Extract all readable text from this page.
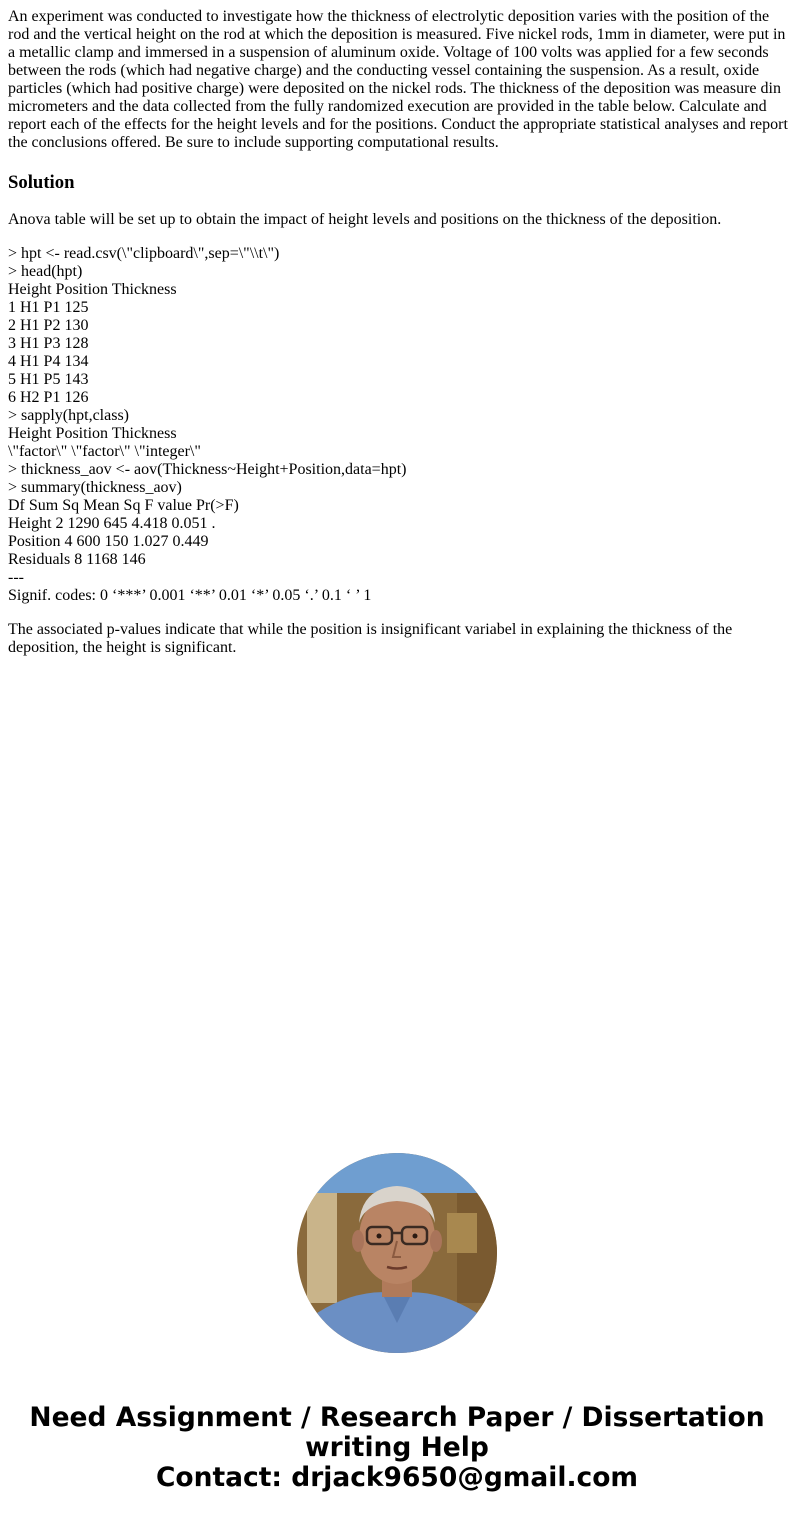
An experiment was conducted to investigate how the thickness of electrolytic deposition varies with the position of the rod and the vertical height on the rod at which the deposition is measured. Five nickel rods, 1mm in diameter, were put in a metallic clamp and immersed in a suspension of aluminum oxide. Voltage of 100 volts was applied for a few seconds between the rods (which had negative charge) and the conducting vessel containing the suspension. As a result, oxide particles (which had positive charge) were deposited on the nickel rods. The thickness of the deposition was measure din micrometers and the data collected from the fully randomized execution are provided in the table below. Calculate and report each of the effects for the height levels and for the positions. Conduct the appropriate statistical analyses and report the conclusions offered. Be sure to include supporting computational results.

Solution

Anova table will be set up to obtain the impact of height levels and positions on the thickness of the deposition.

> hpt <- read.csv(\"clipboard\",sep=\"\\t\")
> head(hpt)
Height Position Thickness
1 H1 P1 125
2 H1 P2 130
3 H1 P3 128
4 H1 P4 134
5 H1 P5 143
6 H2 P1 126
> sapply(hpt,class)
Height Position Thickness
\"factor\" \"factor\" \"integer\"
> thickness_aov <- aov(Thickness~Height+Position,data=hpt)
> summary(thickness_aov)
Df Sum Sq Mean Sq F value Pr(>F)
Height 2 1290 645 4.418 0.051 .
Position 4 600 150 1.027 0.449
Residuals 8 1168 146
---
Signif. codes: 0 ‘***’ 0.001 ‘**’ 0.01 ‘*’ 0.05 ‘.’ 0.1 ‘ ’ 1

The associated p-values indicate that while the position is insignificant variabel in explaining the thickness of the deposition, the height is significant.

Need Assignment / Research Paper / Dissertation
writing Help
Contact: drjack9650@gmail.com
